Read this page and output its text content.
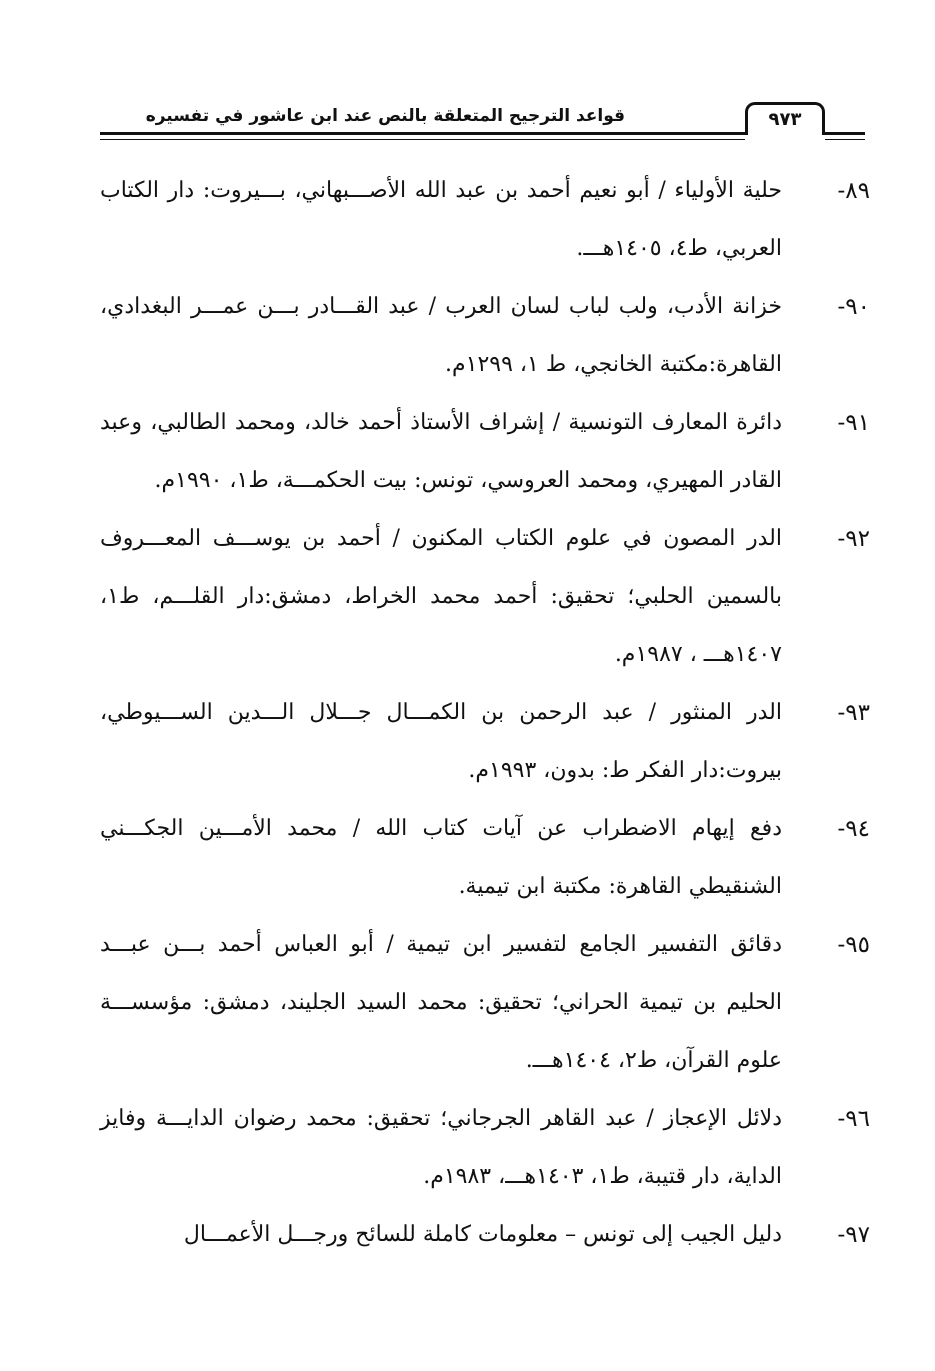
قواعد الترجيح المتعلقة بالنص عند ابن عاشور في تفسيره	٩٧٣
٨٩-
حلية الأولياء / أبو نعيم أحمد بن عبد الله الأصـــبهاني، بـــيروت: دار الكتاب العربي، ط٤، ١٤٠٥هـــ.
٩٠-
خزانة الأدب، ولب لباب لسان العرب / عبد القـــادر بـــن عمـــر البغدادي، القاهرة:مكتبة الخانجي، ط ١، ١٢٩٩م.
٩١-
دائرة المعارف التونسية / إشراف الأستاذ أحمد خالد، ومحمد الطالبي، وعبد القادر المهيري، ومحمد العروسي، تونس: بيت الحكمـــة، ط١، ١٩٩٠م.
٩٢-
الدر المصون في علوم الكتاب المكنون / أحمد بن يوســـف المعـــروف بالسمين الحلبي؛ تحقيق: أحمد محمد الخراط، دمشق:دار القلـــم، ط١، ١٤٠٧هـــ ، ١٩٨٧م.
٩٣-
الدر المنثور / عبد الرحمن بن الكمـــال جـــلال الـــدين الســـيوطي، بيروت:دار الفكر ط: بدون، ١٩٩٣م.
٩٤-
دفع إيهام الاضطراب عن آيات كتاب الله / محمد الأمـــين الجكـــني الشنقيطي القاهرة: مكتبة ابن تيمية.
٩٥-
دقائق التفسير الجامع لتفسير ابن تيمية / أبو العباس أحمد بـــن عبـــد الحليم بن تيمية الحراني؛ تحقيق: محمد السيد الجليند، دمشق: مؤسســـة علوم القرآن، ط٢، ١٤٠٤هـــ.
٩٦-
دلائل الإعجاز / عبد القاهر الجرجاني؛ تحقيق: محمد رضوان الدايـــة وفايز الداية، دار قتيبة، ط١، ١٤٠٣هـــ، ١٩٨٣م.
٩٧-
دليل الجيب إلى تونس – معلومات كاملة للسائح ورجـــل الأعمـــال
